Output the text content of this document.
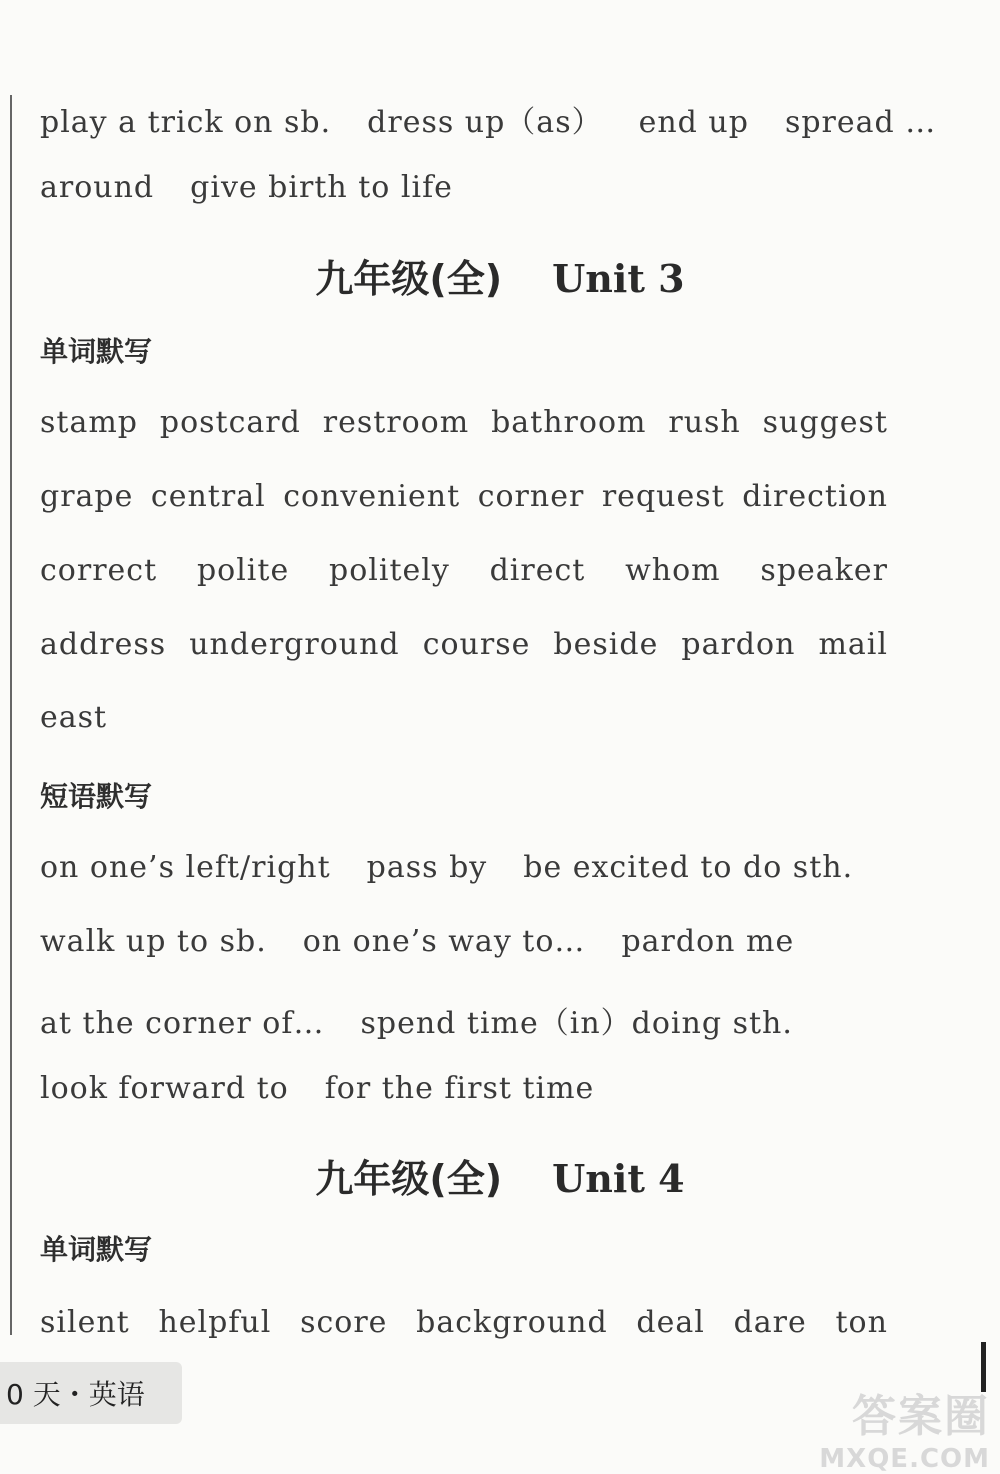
play a trick on sb. dress up（as） end up spread …
around give birth to life
九年级(全) Unit 3
单词默写
stamp postcard restroom bathroom rush suggest
grape central convenient corner request direction
correct polite politely direct whom speaker
address underground course beside pardon mail
east
短语默写
on one’s left/right pass by be excited to do sth.
walk up to sb. on one’s way to… pardon me
at the corner of… spend time（in）doing sth.
look forward to for the first time
九年级(全) Unit 4
单词默写
silent helpful score background deal dare ton
0 天・英语	答案圈
MXQE.COM
